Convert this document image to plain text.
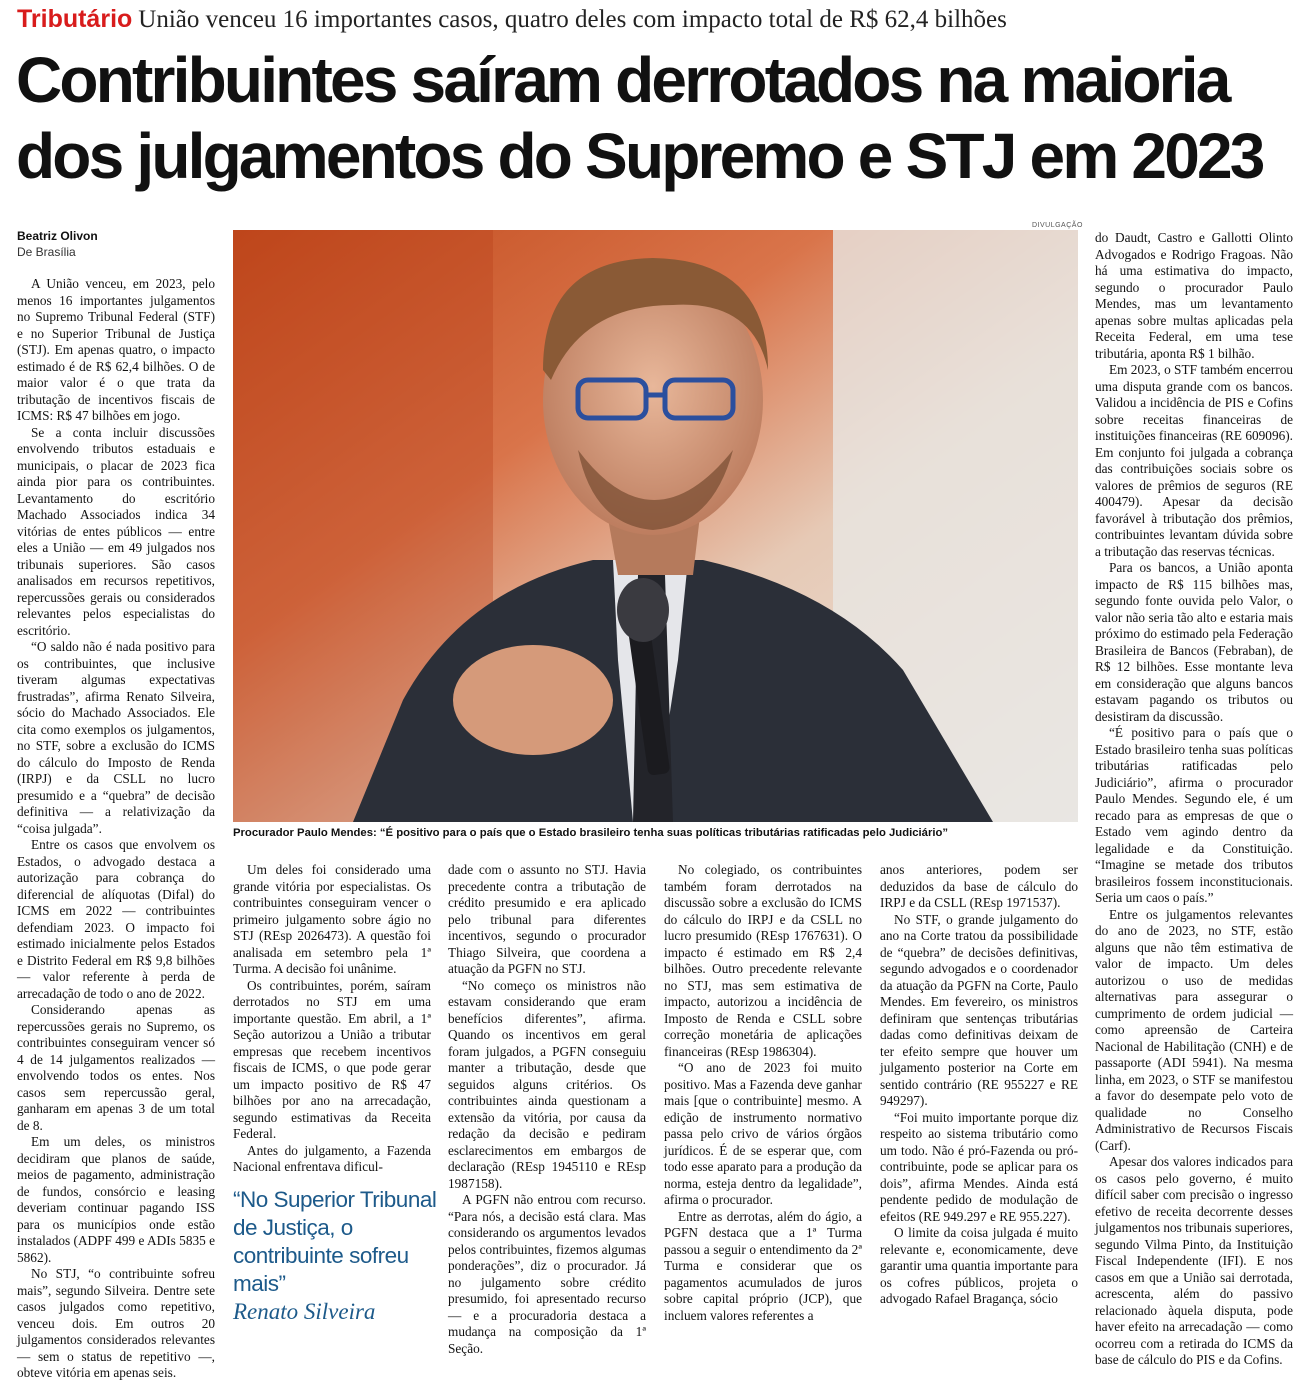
Tributário União venceu 16 importantes casos, quatro deles com impacto total de R$ 62,4 bilhões
Contribuintes saíram derrotados na maioria
dos julgamentos do Supremo e STJ em 2023
Beatriz Olivon
De Brasília
DIVULGAÇÃO
Procurador Paulo Mendes: “É positivo para o país que o Estado brasileiro tenha suas políticas tributárias ratificadas pelo Judiciário”

A União venceu, em 2023, pelo menos 16 importantes julgamentos no Supremo Tribunal Federal (STF) e no Superior Tribunal de Justiça (STJ). Em apenas quatro, o impacto estimado é de R$ 62,4 bilhões. O de maior valor é o que trata da tributação de incentivos fiscais de ICMS: R$ 47 bilhões em jogo.

Se a conta incluir discussões envolvendo tributos estaduais e municipais, o placar de 2023 fica ainda pior para os contribuintes. Levantamento do escritório Machado Associados indica 34 vitórias de entes públicos — entre eles a União — em 49 julgados nos tribunais superiores. São casos analisados em recursos repetitivos, repercussões gerais ou considerados relevantes pelos especialistas do escritório.

“O saldo não é nada positivo para os contribuintes, que inclusive tiveram algumas expectativas frustradas”, afirma Renato Silveira, sócio do Machado Associados. Ele cita como exemplos os julgamentos, no STF, sobre a exclusão do ICMS do cálculo do Imposto de Renda (IRPJ) e da CSLL no lucro presumido e a “quebra” de decisão definitiva — a relativização da “coisa julgada”.

Entre os casos que envolvem os Estados, o advogado destaca a autorização para cobrança do diferencial de alíquotas (Difal) do ICMS em 2022 — contribuintes defendiam 2023. O impacto foi estimado inicialmente pelos Estados e Distrito Federal em R$ 9,8 bilhões — valor referente à perda de arrecadação de todo o ano de 2022.

Considerando apenas as repercussões gerais no Supremo, os contribuintes conseguiram vencer só 4 de 14 julgamentos realizados — envolvendo todos os entes. Nos casos sem repercussão geral, ganharam em apenas 3 de um total de 8.

Em um deles, os ministros decidiram que planos de saúde, meios de pagamento, administração de fundos, consórcio e leasing deveriam continuar pagando ISS para os municípios onde estão instalados (ADPF 499 e ADIs 5835 e 5862).

No STJ, “o contribuinte sofreu mais”, segundo Silveira. Dentre sete casos julgados como repetitivo, venceu dois. Em outros 20 julgamentos considerados relevantes — sem o status de repetitivo —, obteve vitória em apenas seis.

Um deles foi considerado uma grande vitória por especialistas. Os contribuintes conseguiram vencer o primeiro julgamento sobre ágio no STJ (REsp 2026473). A questão foi analisada em setembro pela 1ª Turma. A decisão foi unânime.

Os contribuintes, porém, saíram derrotados no STJ em uma importante questão. Em abril, a 1ª Seção autorizou a União a tributar empresas que recebem incentivos fiscais de ICMS, o que pode gerar um impacto positivo de R$ 47 bilhões por ano na arrecadação, segundo estimativas da Receita Federal.

Antes do julgamento, a Fazenda Nacional enfrentava dificul-

“No Superior Tribunal de Justiça, o contribuinte sofreu mais”
Renato Silveira

dade com o assunto no STJ. Havia precedente contra a tributação de crédito presumido e era aplicado pelo tribunal para diferentes incentivos, segundo o procurador Thiago Silveira, que coordena a atuação da PGFN no STJ.

“No começo os ministros não estavam considerando que eram benefícios diferentes”, afirma. Quando os incentivos em geral foram julgados, a PGFN conseguiu manter a tributação, desde que seguidos alguns critérios. Os contribuintes ainda questionam a extensão da vitória, por causa da redação da decisão e pediram esclarecimentos em embargos de declaração (REsp 1945110 e REsp 1987158).

A PGFN não entrou com recurso. “Para nós, a decisão está clara. Mas considerando os argumentos levados pelos contribuintes, fizemos algumas ponderações”, diz o procurador. Já no julgamento sobre crédito presumido, foi apresentado recurso — e a procuradoria destaca a mudança na composição da 1ª Seção.

No colegiado, os contribuintes também foram derrotados na discussão sobre a exclusão do ICMS do cálculo do IRPJ e da CSLL no lucro presumido (REsp 1767631). O impacto é estimado em R$ 2,4 bilhões. Outro precedente relevante no STJ, mas sem estimativa de impacto, autorizou a incidência de Imposto de Renda e CSLL sobre correção monetária de aplicações financeiras (REsp 1986304).

“O ano de 2023 foi muito positivo. Mas a Fazenda deve ganhar mais [que o contribuinte] mesmo. A edição de instrumento normativo passa pelo crivo de vários órgãos jurídicos. É de se esperar que, com todo esse aparato para a produção da norma, esteja dentro da legalidade”, afirma o procurador.

Entre as derrotas, além do ágio, a PGFN destaca que a 1ª Turma passou a seguir o entendimento da 2ª Turma e considerar que os pagamentos acumulados de juros sobre capital próprio (JCP), que incluem valores referentes a

anos anteriores, podem ser deduzidos da base de cálculo do IRPJ e da CSLL (REsp 1971537).

No STF, o grande julgamento do ano na Corte tratou da possibilidade de “quebra” de decisões definitivas, segundo advogados e o coordenador da atuação da PGFN na Corte, Paulo Mendes. Em fevereiro, os ministros definiram que sentenças tributárias dadas como definitivas deixam de ter efeito sempre que houver um julgamento posterior na Corte em sentido contrário (RE 955227 e RE 949297).

“Foi muito importante porque diz respeito ao sistema tributário como um todo. Não é pró-Fazenda ou pró-contribuinte, pode se aplicar para os dois”, afirma Mendes. Ainda está pendente pedido de modulação de efeitos (RE 949.297 e RE 955.227).

O limite da coisa julgada é muito relevante e, economicamente, deve garantir uma quantia importante para os cofres públicos, projeta o advogado Rafael Bragança, sócio

do Daudt, Castro e Gallotti Olinto Advogados e Rodrigo Fragoas. Não há uma estimativa do impacto, segundo o procurador Paulo Mendes, mas um levantamento apenas sobre multas aplicadas pela Receita Federal, em uma tese tributária, aponta R$ 1 bilhão.

Em 2023, o STF também encerrou uma disputa grande com os bancos. Validou a incidência de PIS e Cofins sobre receitas financeiras de instituições financeiras (RE 609096). Em conjunto foi julgada a cobrança das contribuições sociais sobre os valores de prêmios de seguros (RE 400479). Apesar da decisão favorável à tributação dos prêmios, contribuintes levantam dúvida sobre a tributação das reservas técnicas.

Para os bancos, a União aponta impacto de R$ 115 bilhões mas, segundo fonte ouvida pelo Valor, o valor não seria tão alto e estaria mais próximo do estimado pela Federação Brasileira de Bancos (Febraban), de R$ 12 bilhões. Esse montante leva em consideração que alguns bancos estavam pagando os tributos ou desistiram da discussão.

“É positivo para o país que o Estado brasileiro tenha suas políticas tributárias ratificadas pelo Judiciário”, afirma o procurador Paulo Mendes. Segundo ele, é um recado para as empresas de que o Estado vem agindo dentro da legalidade e da Constituição. “Imagine se metade dos tributos brasileiros fossem inconstitucionais. Seria um caos o país.”

Entre os julgamentos relevantes do ano de 2023, no STF, estão alguns que não têm estimativa de valor de impacto. Um deles autorizou o uso de medidas alternativas para assegurar o cumprimento de ordem judicial — como apreensão de Carteira Nacional de Habilitação (CNH) e de passaporte (ADI 5941). Na mesma linha, em 2023, o STF se manifestou a favor do desempate pelo voto de qualidade no Conselho Administrativo de Recursos Fiscais (Carf).

Apesar dos valores indicados para os casos pelo governo, é muito difícil saber com precisão o ingresso efetivo de receita decorrente desses julgamentos nos tribunais superiores, segundo Vilma Pinto, da Instituição Fiscal Independente (IFI). E nos casos em que a União sai derrotada, acrescenta, além do passivo relacionado àquela disputa, pode haver efeito na arrecadação — como ocorreu com a retirada do ICMS da base de cálculo do PIS e da Cofins.
